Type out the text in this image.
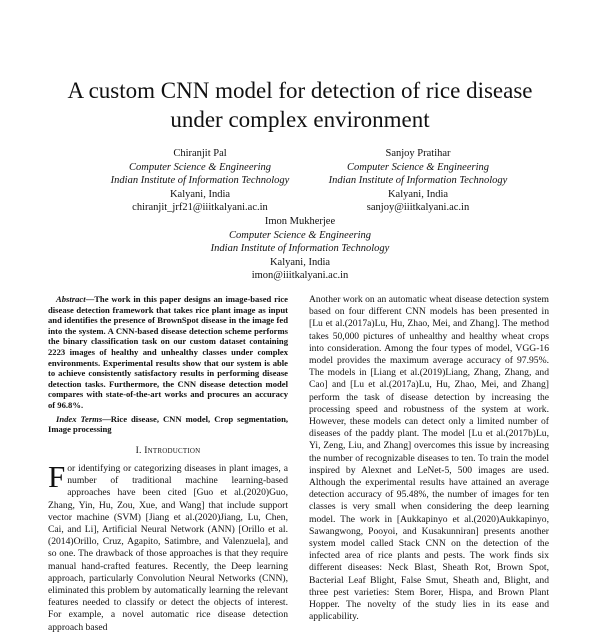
A custom CNN model for detection of rice disease under complex environment
Chiranjit Pal
Computer Science & Engineering
Indian Institute of Information Technology
Kalyani, India
chiranjit_jrf21@iiitkalyani.ac.in
Sanjoy Pratihar
Computer Science & Engineering
Indian Institute of Information Technology
Kalyani, India
sanjoy@iiitkalyani.ac.in
Imon Mukherjee
Computer Science & Engineering
Indian Institute of Information Technology
Kalyani, India
imon@iiitkalyani.ac.in

Abstract—The work in this paper designs an image-based rice disease detection framework that takes rice plant image as input and identifies the presence of BrownSpot disease in the image fed into the system. A CNN-based disease detection scheme performs the binary classification task on our custom dataset containing 2223 images of healthy and unhealthy classes under complex environments. Experimental results show that our system is able to achieve consistently satisfactory results in performing disease detection tasks. Furthermore, the CNN disease detection model compares with state-of-the-art works and procures an accuracy of 96.8%.

Index Terms—Rice disease, CNN model, Crop segmentation, Image processing

I. Introduction

For identifying or categorizing diseases in plant images, a number of traditional machine learning-based approaches have been cited [Guo et al.(2020)Guo, Zhang, Yin, Hu, Zou, Xue, and Wang] that include support vector machine (SVM) [Jiang et al.(2020)Jiang, Lu, Chen, Cai, and Li], Artificial Neural Network (ANN) [Orillo et al.(2014)Orillo, Cruz, Agapito, Satimbre, and Valenzuela], and so one. The drawback of those approaches is that they require manual hand-crafted features. Recently, the Deep learning approach, particularly Convolution Neural Networks (CNN), eliminated this problem by automatically learning the relevant features needed to classify or detect the objects of interest. For example, a novel automatic rice disease detection approach based

Another work on an automatic wheat disease detection system based on four different CNN models has been presented in [Lu et al.(2017a)Lu, Hu, Zhao, Mei, and Zhang]. The method takes 50,000 pictures of unhealthy and healthy wheat crops into consideration. Among the four types of model, VGG-16 model provides the maximum average accuracy of 97.95%. The models in [Liang et al.(2019)Liang, Zhang, Zhang, and Cao] and [Lu et al.(2017a)Lu, Hu, Zhao, Mei, and Zhang] perform the task of disease detection by increasing the processing speed and robustness of the system at work. However, these models can detect only a limited number of diseases of the paddy plant. The model [Lu et al.(2017b)Lu, Yi, Zeng, Liu, and Zhang] overcomes this issue by increasing the number of recognizable diseases to ten. To train the model inspired by Alexnet and LeNet-5, 500 images are used. Although the experimental results have attained an average detection accuracy of 95.48%, the number of images for ten classes is very small when considering the deep learning model. The work in [Aukkapinyo et al.(2020)Aukkapinyo, Sawangwong, Pooyoi, and Kusakunniran] presents another system model called Stack CNN on the detection of the infected area of rice plants and pests. The work finds six different diseases: Neck Blast, Sheath Rot, Brown Spot, Bacterial Leaf Blight, False Smut, Sheath and, Blight, and three pest varieties: Stem Borer, Hispa, and Brown Plant Hopper. The novelty of the study lies in its ease and applicability.
